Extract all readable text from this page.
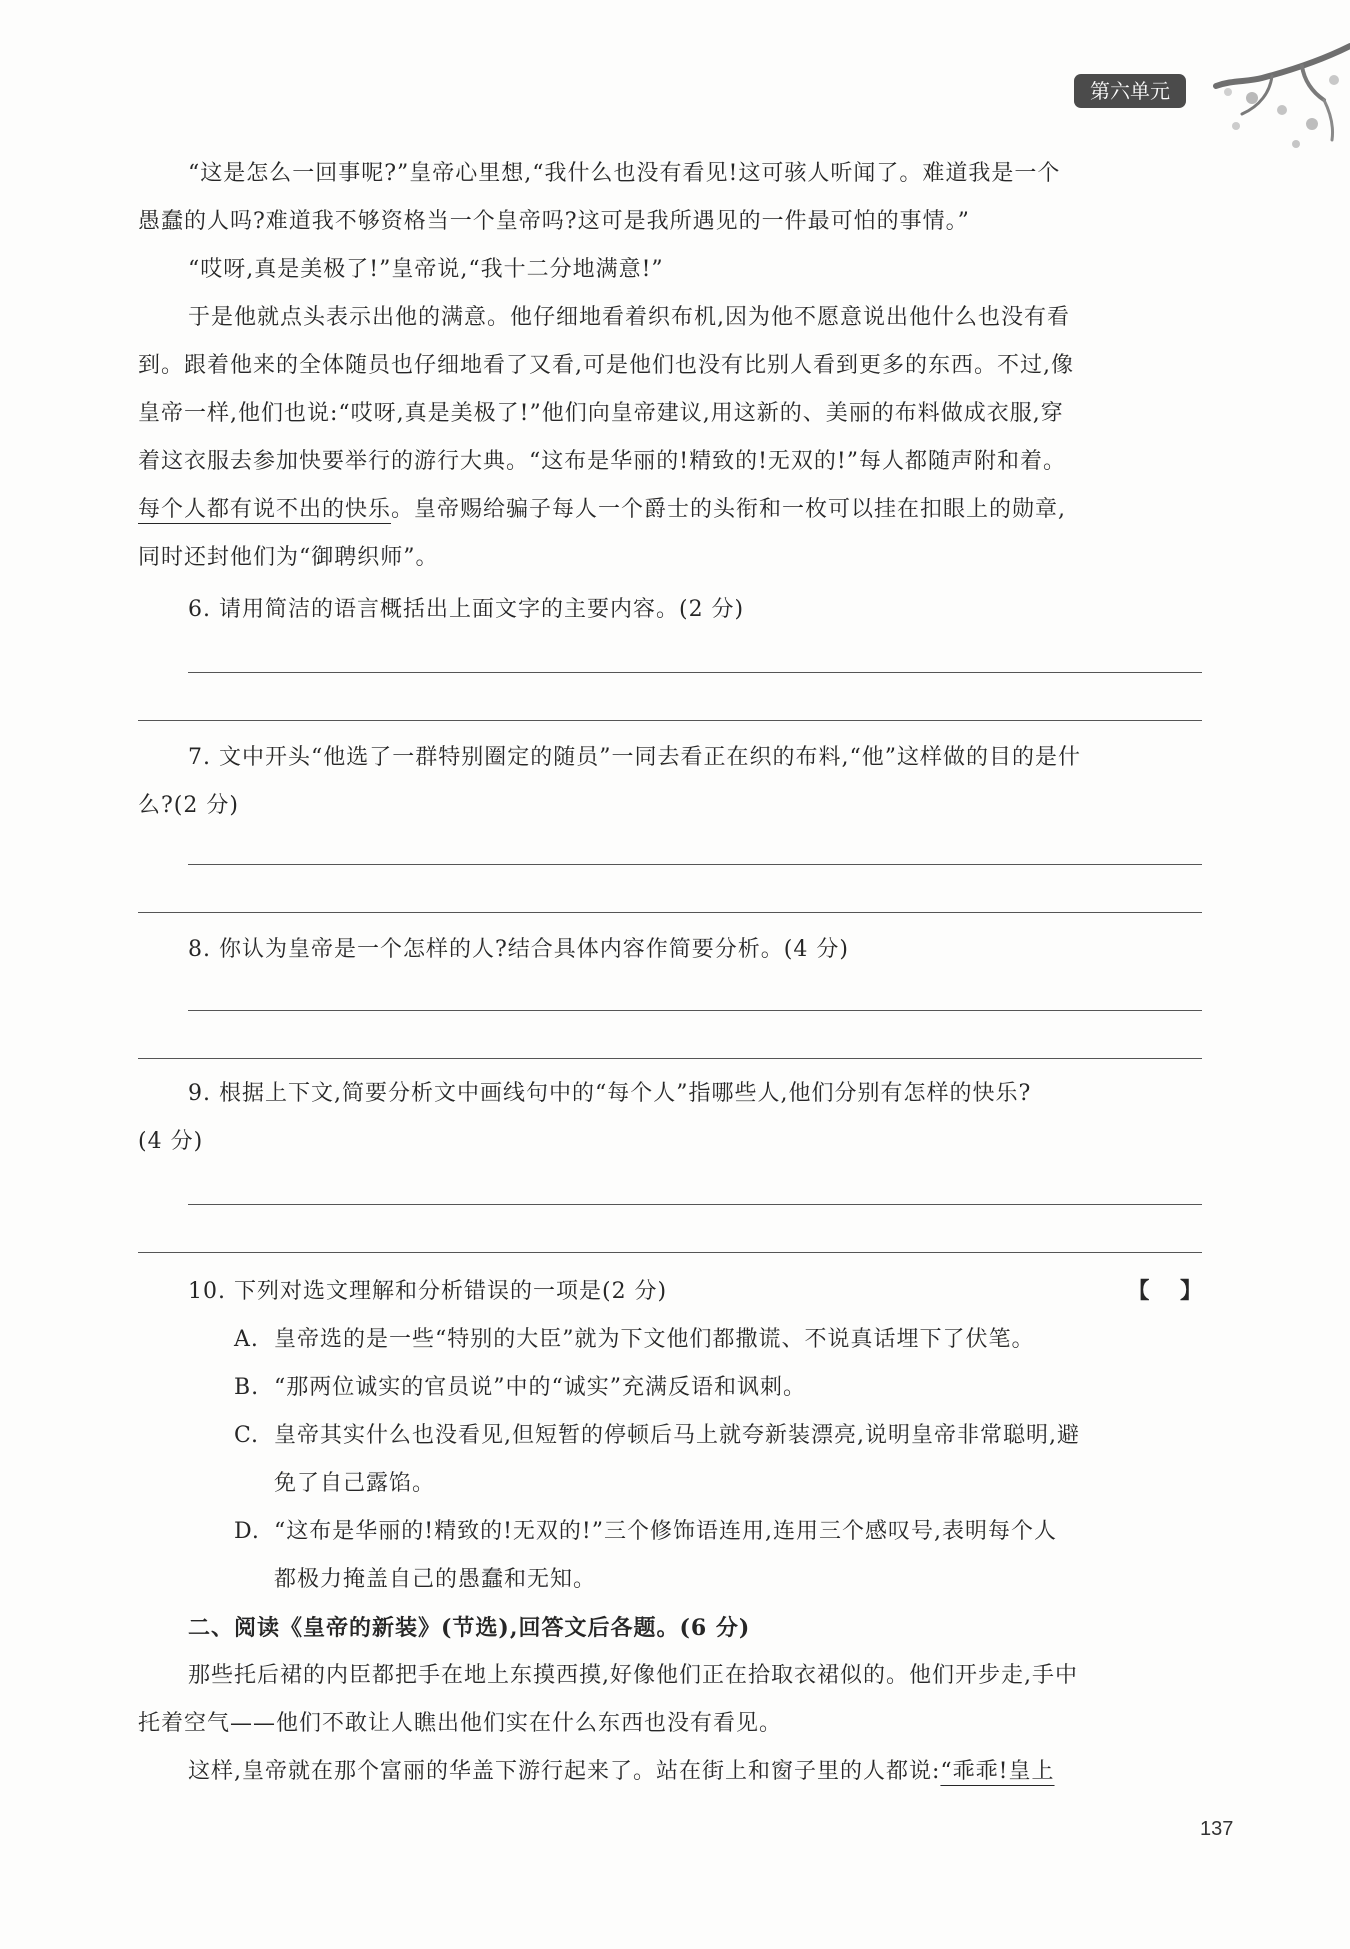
第六单元
“这是怎么一回事呢?”皇帝心里想,“我什么也没有看见!这可骇人听闻了。难道我是一个
愚蠢的人吗?难道我不够资格当一个皇帝吗?这可是我所遇见的一件最可怕的事情。”
“哎呀,真是美极了!”皇帝说,“我十二分地满意!”
于是他就点头表示出他的满意。他仔细地看着织布机,因为他不愿意说出他什么也没有看
到。跟着他来的全体随员也仔细地看了又看,可是他们也没有比别人看到更多的东西。不过,像
皇帝一样,他们也说:“哎呀,真是美极了!”他们向皇帝建议,用这新的、美丽的布料做成衣服,穿
着这衣服去参加快要举行的游行大典。“这布是华丽的!精致的!无双的!”每人都随声附和着。
每个人都有说不出的快乐。皇帝赐给骗子每人一个爵士的头衔和一枚可以挂在扣眼上的勋章,
同时还封他们为“御聘织师”。
6. 请用简洁的语言概括出上面文字的主要内容。(2 分)
7. 文中开头“他选了一群特别圈定的随员”一同去看正在织的布料,“他”这样做的目的是什
么?(2 分)
8. 你认为皇帝是一个怎样的人?结合具体内容作简要分析。(4 分)
9. 根据上下文,简要分析文中画线句中的“每个人”指哪些人,他们分别有怎样的快乐?
(4 分)
10. 下列对选文理解和分析错误的一项是(2 分)	【    】
A. 皇帝选的是一些“特别的大臣”就为下文他们都撒谎、不说真话埋下了伏笔。
B. “那两位诚实的官员说”中的“诚实”充满反语和讽刺。
C. 皇帝其实什么也没看见,但短暂的停顿后马上就夸新装漂亮,说明皇帝非常聪明,避
免了自己露馅。
D. “这布是华丽的!精致的!无双的!”三个修饰语连用,连用三个感叹号,表明每个人
都极力掩盖自己的愚蠢和无知。
二、阅读《皇帝的新装》(节选),回答文后各题。(6 分)
那些托后裙的内臣都把手在地上东摸西摸,好像他们正在拾取衣裙似的。他们开步走,手中
托着空气——他们不敢让人瞧出他们实在什么东西也没有看见。
这样,皇帝就在那个富丽的华盖下游行起来了。站在街上和窗子里的人都说:“乖乖!皇上
137
